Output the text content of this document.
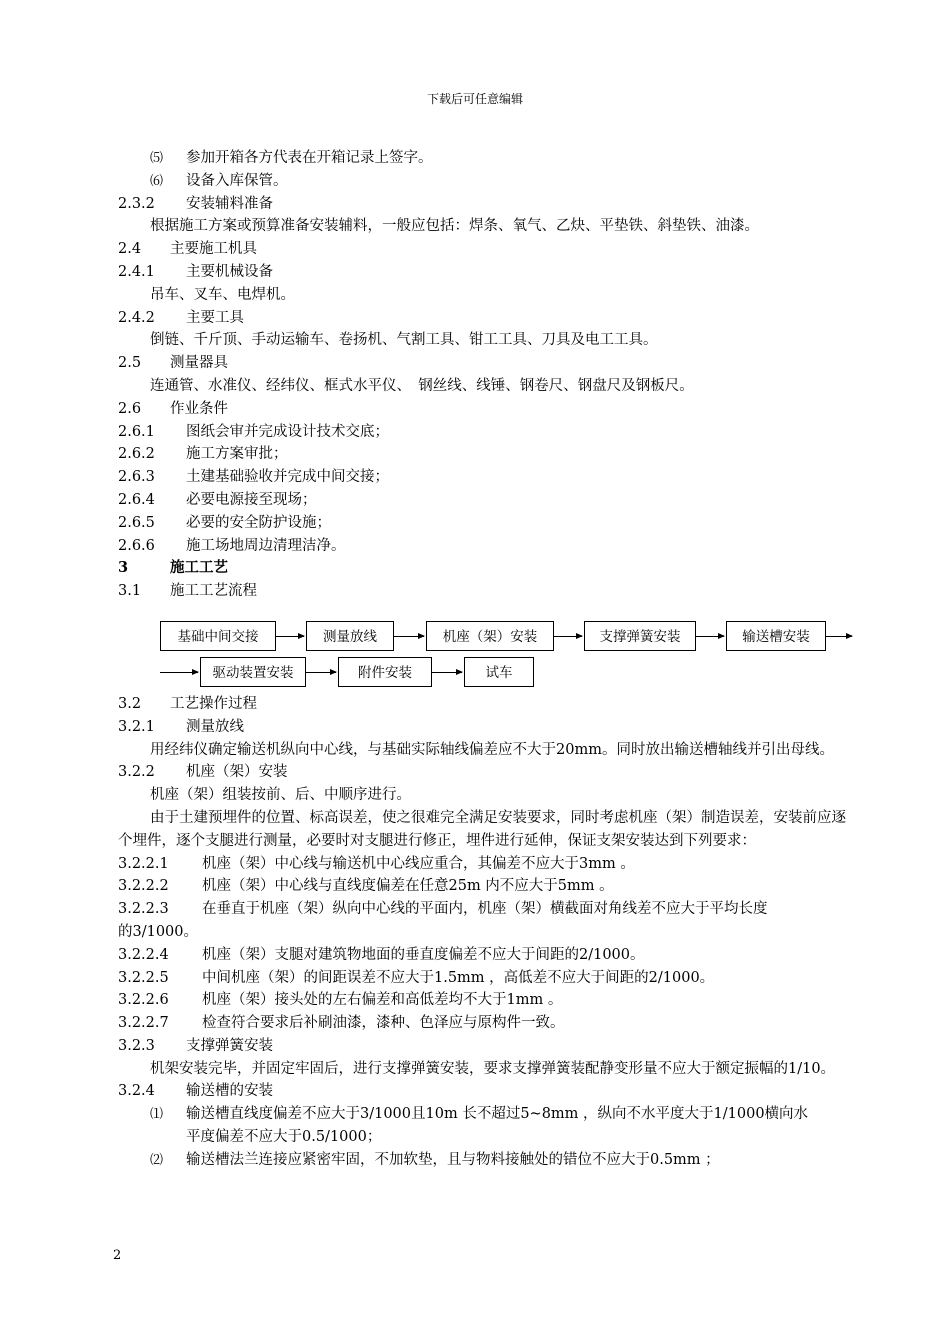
下载后可任意编辑
⑸ 参加开箱各方代表在开箱记录上签字。
⑹ 设备入库保管。
2.3.2 安装辅料准备
根据施工方案或预算准备安装辅料，一般应包括：焊条、氧气、乙炔、平垫铁、斜垫铁、油漆。
2.4 主要施工机具
2.4.1 主要机械设备
吊车、叉车、电焊机。
2.4.2 主要工具
倒链、千斤顶、手动运输车、卷扬机、气割工具、钳工工具、刀具及电工工具。
2.5 测量器具
连通管、水准仪、经纬仪、框式水平仪、　钢丝线、线锤、钢卷尺、钢盘尺及钢板尺。
2.6 作业条件
2.6.1 图纸会审并完成设计技术交底；
2.6.2 施工方案审批；
2.6.3 土建基础验收并完成中间交接；
2.6.4 必要电源接至现场；
2.6.5 必要的安全防护设施；
2.6.6 施工场地周边清理洁净。
3	施工工艺
3.1 施工工艺流程
基础中间交接	测量放线	机座（架）安装	支撑弹簧安装	输送槽安装
驱动装置安装	附件安装	试车
3.2 工艺操作过程
3.2.1 测量放线
用经纬仪确定输送机纵向中心线，与基础实际轴线偏差应不大于20mm。同时放出输送槽轴线并引出母线。
3.2.2 机座（架）安装
机座（架）组装按前、后、中顺序进行。
由于土建预埋件的位置、标高误差，使之很难完全满足安装要求，同时考虑机座（架）制造误差，安装前应逐个埋件，逐个支腿进行测量，必要时对支腿进行修正，埋件进行延伸，保证支架安装达到下列要求：
3.2.2.1 机座（架）中心线与输送机中心线应重合，其偏差不应大于3mm 。
3.2.2.2 机座（架）中心线与直线度偏差在任意25m 内不应大于5mm 。
3.2.2.3 在垂直于机座（架）纵向中心线的平面内，机座（架）横截面对角线差不应大于平均长度
的3/1000。
3.2.2.4 机座（架）支腿对建筑物地面的垂直度偏差不应大于间距的2/1000。
3.2.2.5 中间机座（架）的间距误差不应大于1.5mm ，高低差不应大于间距的2/1000。
3.2.2.6 机座（架）接头处的左右偏差和高低差均不大于1mm 。
3.2.2.7 检查符合要求后补刷油漆，漆种、色泽应与原构件一致。
3.2.3 支撑弹簧安装
机架安装完毕，并固定牢固后，进行支撑弹簧安装，要求支撑弹簧装配静变形量不应大于额定振幅的1/10。
3.2.4 输送槽的安装
⑴ 输送槽直线度偏差不应大于3/1000且10m 长不超过5~8mm ，纵向不水平度大于1/1000横向水
平度偏差不应大于0.5/1000；
⑵ 输送槽法兰连接应紧密牢固，不加软垫，且与物料接触处的错位不应大于0.5mm ；
2
